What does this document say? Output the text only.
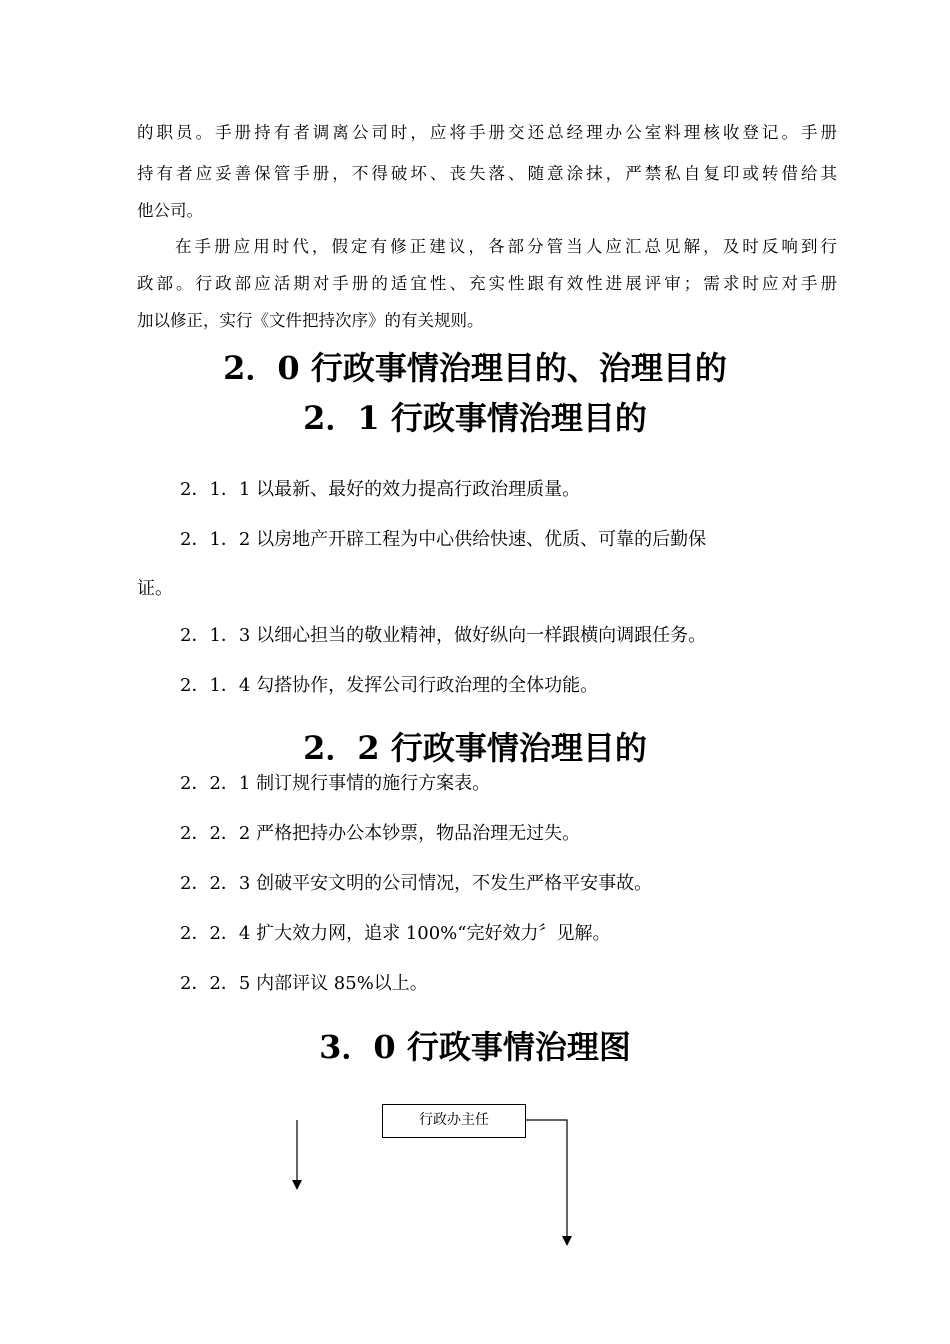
的职员。手册持有者调离公司时，应将手册交还总经理办公室料理核收登记。手册
持有者应妥善保管手册，不得破坏、丧失落、随意涂抹，严禁私自复印或转借给其
他公司。
在手册应用时代，假定有修正建议，各部分管当人应汇总见解，及时反响到行
政部。行政部应活期对手册的适宜性、充实性跟有效性进展评审；需求时应对手册
加以修正，实行《文件把持次序》的有关规则。
2．0 行政事情治理目的、治理目的
2．1 行政事情治理目的
2．1．1 以最新、最好的效力提高行政治理质量。
2．1．2 以房地产开辟工程为中心供给快速、优质、可靠的后勤保
证。
2．1．3 以细心担当的敬业精神，做好纵向一样跟横向调跟任务。
2．1．4 勾搭协作，发挥公司行政治理的全体功能。
2．2 行政事情治理目的
2．2．1 制订规行事情的施行方案表。
2．2．2 严格把持办公本钞票，物品治理无过失。
2．2．3 创破平安文明的公司情况，不发生严格平安事故。
2．2．4 扩大效力网，追求 100%“完好效力〞见解。
2．2．5 内部评议 85%以上。
3．0 行政事情治理图
行政办主任
